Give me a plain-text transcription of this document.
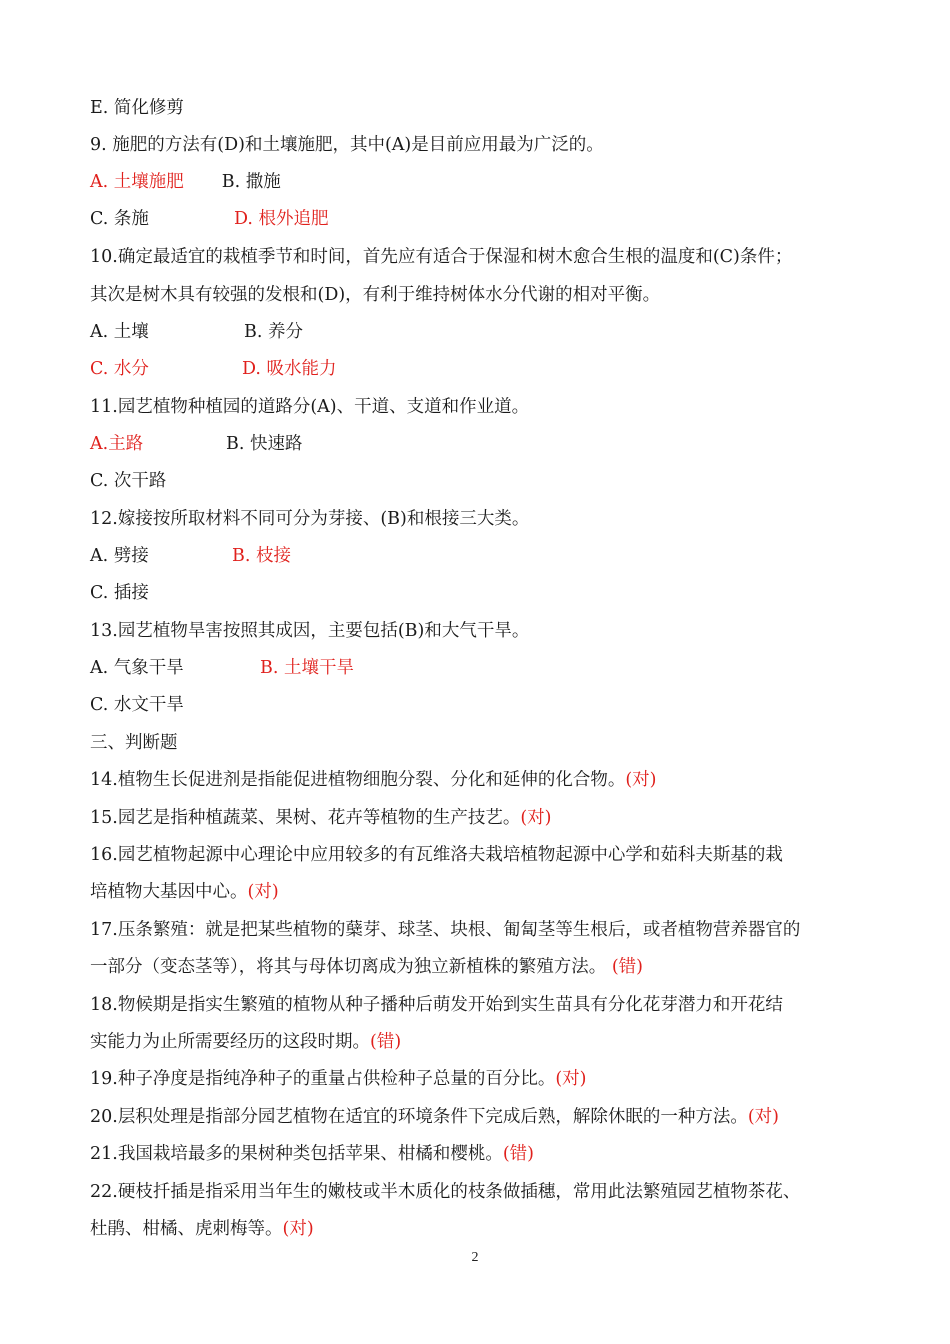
E. 简化修剪
9. 施肥的方法有(D)和土壤施肥，其中(A)是目前应用最为广泛的。
A. 土壤施肥 B. 撒施
C. 条施	D. 根外追肥
10.确定最适宜的栽植季节和时间，首先应有适合于保湿和树木愈合生根的温度和(C)条件；
其次是树木具有较强的发根和(D)，有利于维持树体水分代谢的相对平衡。
A. 土壤	B. 养分
C. 水分	D. 吸水能力
11.园艺植物种植园的道路分(A)、干道、支道和作业道。
A.主路	B. 快速路
C. 次干路
12.嫁接按所取材料不同可分为芽接、(B)和根接三大类。
A. 劈接	B. 枝接
C. 插接
13.园艺植物旱害按照其成因，主要包括(B)和大气干旱。
A. 气象干旱	B. 土壤干旱
C. 水文干旱
三、判断题
14.植物生长促进剂是指能促进植物细胞分裂、分化和延伸的化合物。(对)
15.园艺是指种植蔬菜、果树、花卉等植物的生产技艺。(对)
16.园艺植物起源中心理论中应用较多的有瓦维洛夫栽培植物起源中心学和茹科夫斯基的栽
培植物大基因中心。(对)
17.压条繁殖：就是把某些植物的蘖芽、球茎、块根、匍匐茎等生根后，或者植物营养器官的
一部分（变态茎等），将其与母体切离成为独立新植株的繁殖方法。 (错)
18.物候期是指实生繁殖的植物从种子播种后萌发开始到实生苗具有分化花芽潜力和开花结
实能力为止所需要经历的这段时期。(错)
19.种子净度是指纯净种子的重量占供检种子总量的百分比。(对)
20.层积处理是指部分园艺植物在适宜的环境条件下完成后熟，解除休眠的一种方法。(对)
21.我国栽培最多的果树种类包括苹果、柑橘和樱桃。(错)
22.硬枝扦插是指采用当年生的嫩枝或半木质化的枝条做插穗，常用此法繁殖园艺植物茶花、
杜鹃、柑橘、虎刺梅等。(对)
2
